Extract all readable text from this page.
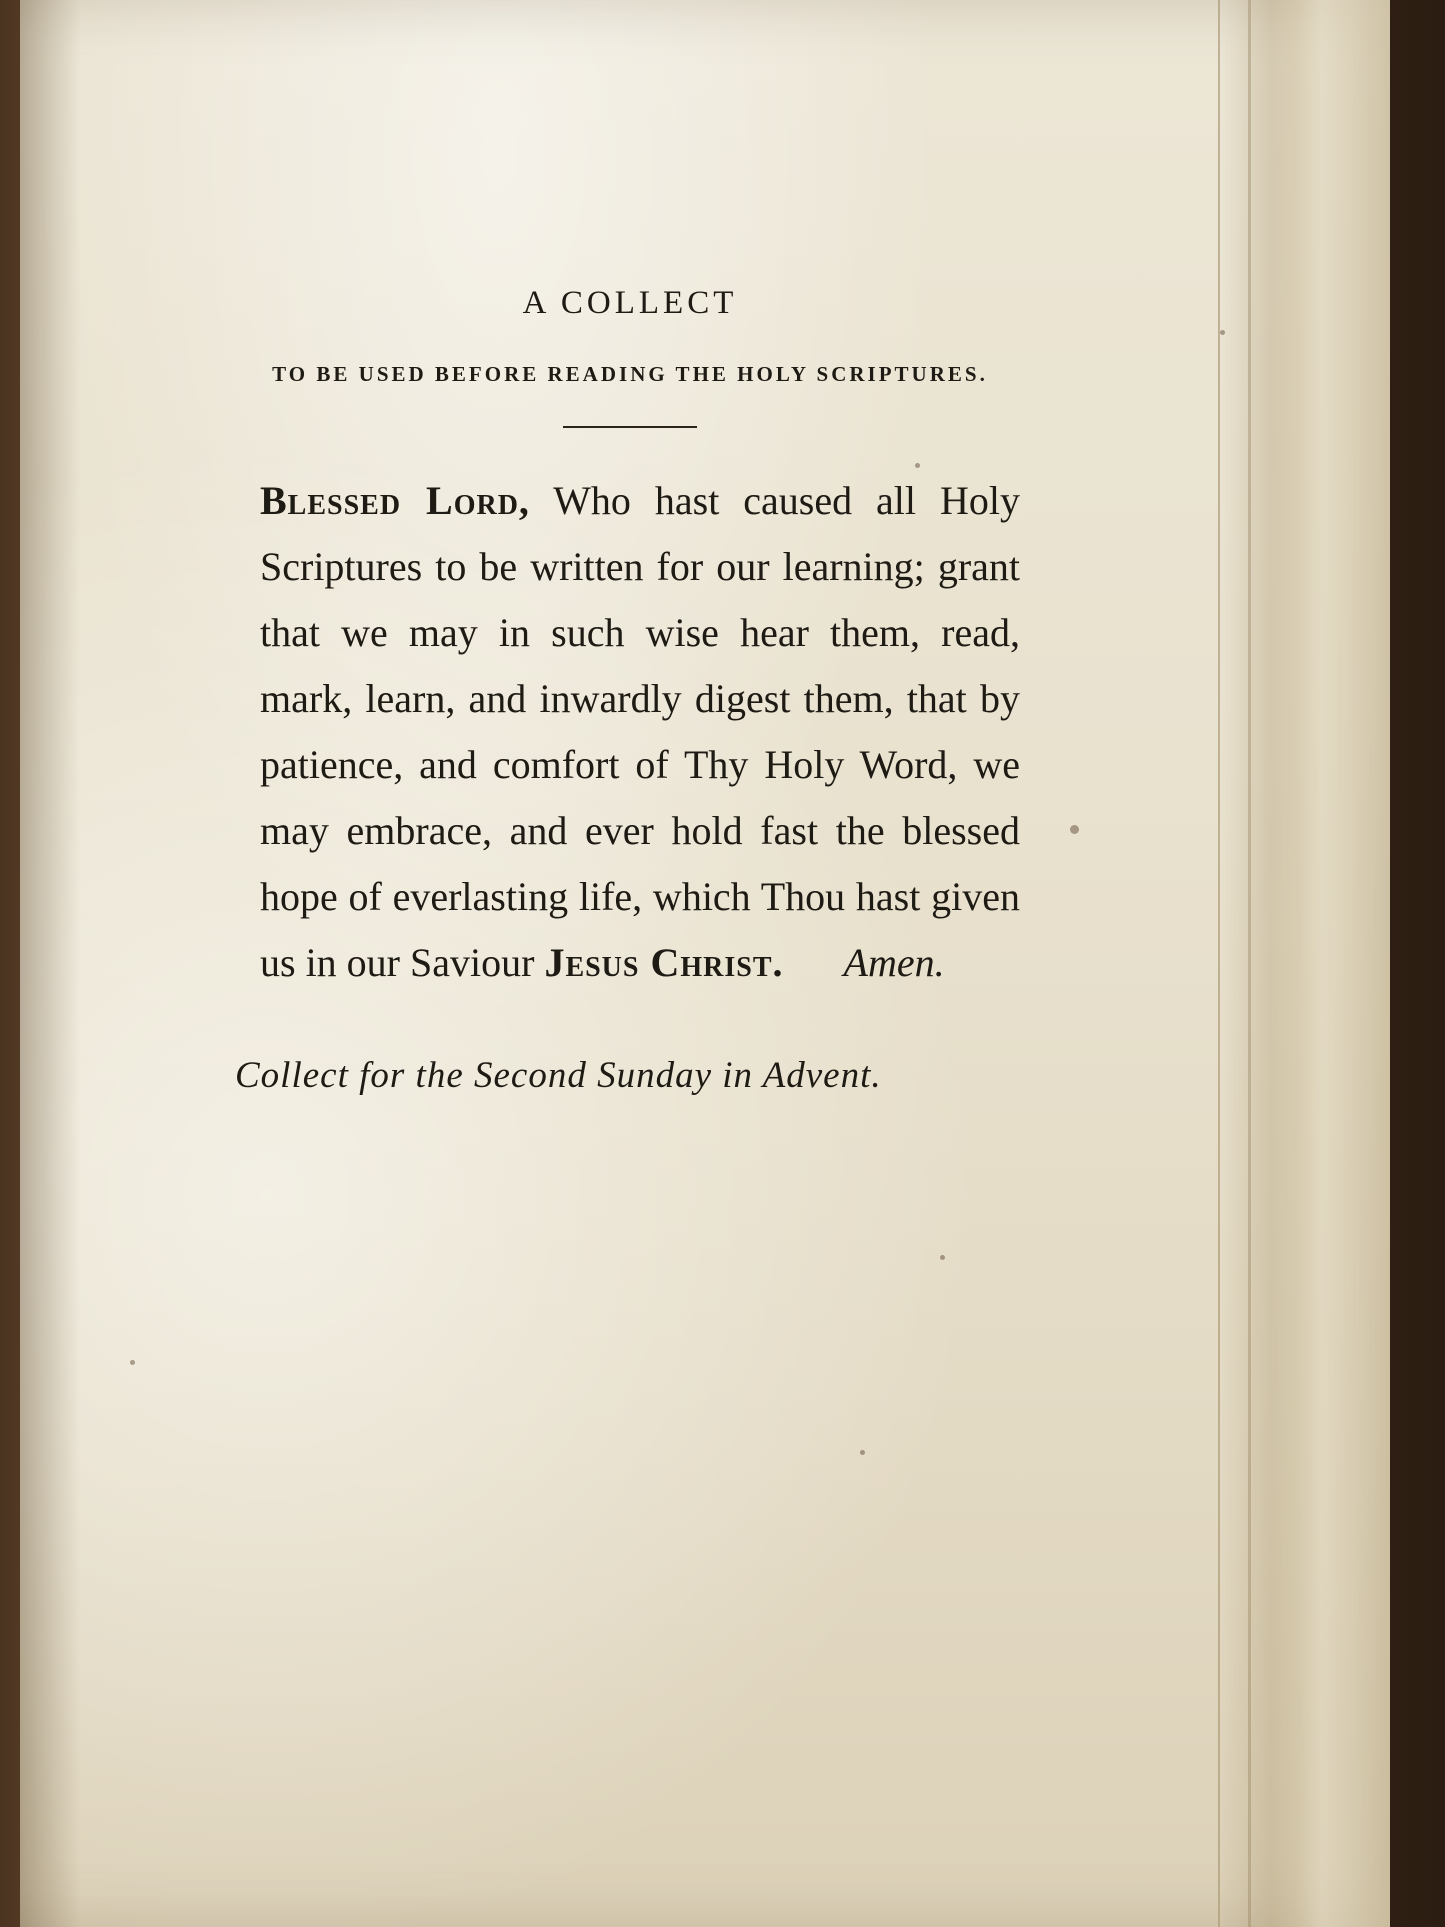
A COLLECT
TO BE USED BEFORE READING THE HOLY SCRIPTURES.

Blessed Lord, Who hast caused all Holy Scriptures to be written for our learning; grant that we may in such wise hear them, read, mark, learn, and inwardly digest them, that by patience, and comfort of Thy Holy Word, we may embrace, and ever hold fast the blessed hope of everlasting life, which Thou hast given us in our Saviour Jesus Christ. Amen.

Collect for the Second Sunday in Advent.
